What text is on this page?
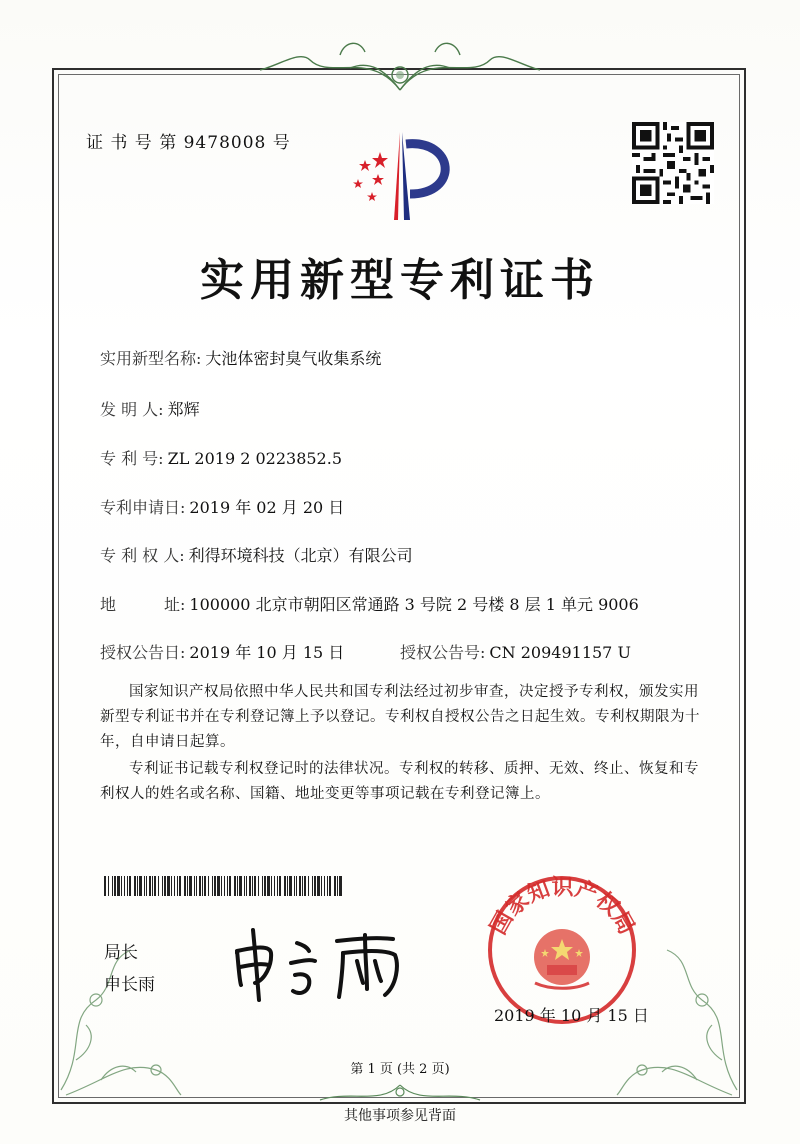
证 书 号 第 9478008 号
实用新型专利证书
实用新型名称: 大池体密封臭气收集系统
发 明 人: 郑辉
专 利 号: ZL 2019 2 0223852.5
专利申请日: 2019 年 02 月 20 日
专 利 权 人: 利得环境科技（北京）有限公司
地　　　址: 100000 北京市朝阳区常通路 3 号院 2 号楼 8 层 1 单元 9006
授权公告日: 2019 年 10 月 15 日	授权公告号: CN 209491157 U
国家知识产权局依照中华人民共和国专利法经过初步审查，决定授予专利权，颁发实用新型专利证书并在专利登记簿上予以登记。专利权自授权公告之日起生效。专利权期限为十年，自申请日起算。
专利证书记载专利权登记时的法律状况。专利权的转移、质押、无效、终止、恢复和专利权人的姓名或名称、国籍、地址变更等事项记载在专利登记簿上。
局长
申长雨
国家知识产权局
2019 年 10 月 15 日
第 1 页 (共 2 页)
其他事项参见背面
